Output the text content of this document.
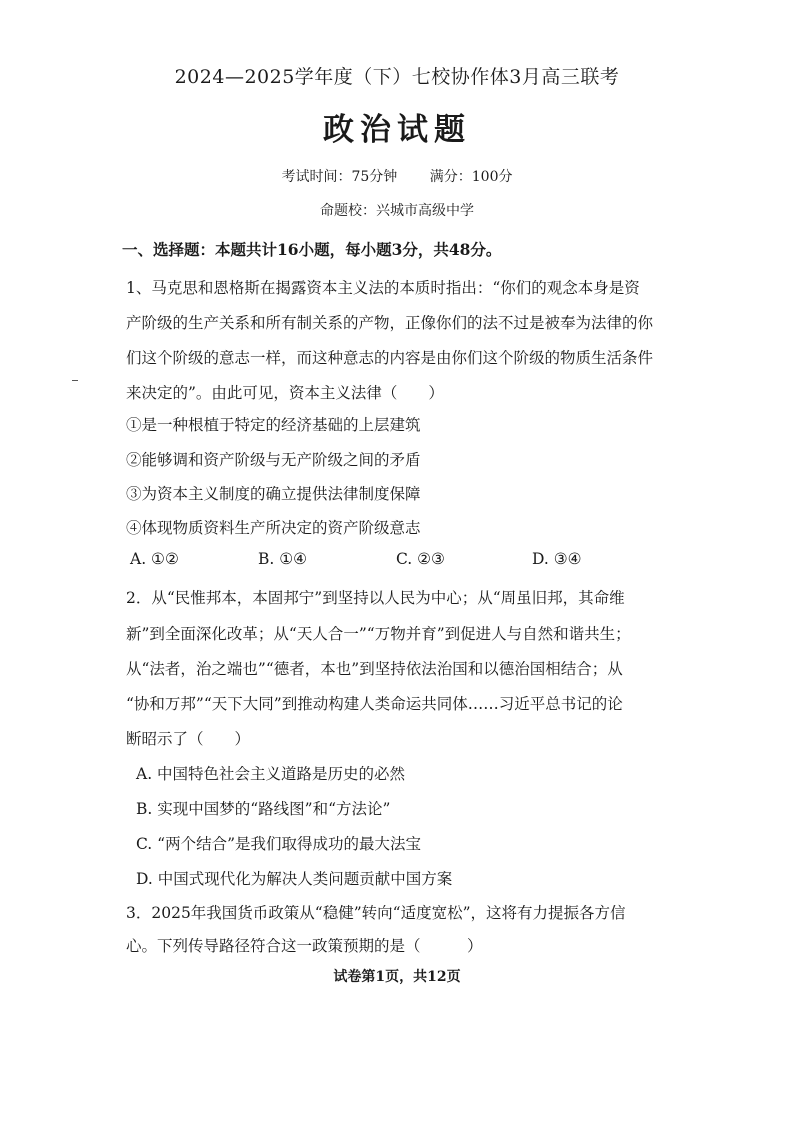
2024—2025学年度（下）七校协作体3月高三联考
政治试题
考试时间：75分钟 满分：100分
命题校：兴城市高级中学
一、选择题：本题共计16小题，每小题3分，共48分。
1、马克思和恩格斯在揭露资本主义法的本质时指出：“你们的观念本身是资
产阶级的生产关系和所有制关系的产物，正像你们的法不过是被奉为法律的你
们这个阶级的意志一样，而这种意志的内容是由你们这个阶级的物质生活条件
来决定的”。由此可见，资本主义法律（　　）
①是一种根植于特定的经济基础的上层建筑
②能够调和资产阶级与无产阶级之间的矛盾
③为资本主义制度的确立提供法律制度保障
④体现物质资料生产所决定的资产阶级意志
A. ①②	B. ①④	C. ②③	D. ③④
2．从“民惟邦本，本固邦宁”到坚持以人民为中心；从“周虽旧邦，其命维
新”到全面深化改革；从“天人合一”“万物并育”到促进人与自然和谐共生；
从“法者，治之端也”“德者，本也”到坚持依法治国和以德治国相结合；从
“协和万邦”“天下大同”到推动构建人类命运共同体……习近平总书记的论
断昭示了（　　）
A. 中国特色社会主义道路是历史的必然
B. 实现中国梦的“路线图”和“方法论”
C. “两个结合”是我们取得成功的最大法宝
D. 中国式现代化为解决人类问题贡献中国方案
3．2025年我国货币政策从“稳健”转向“适度宽松”，这将有力提振各方信
心。下列传导路径符合这一政策预期的是（　　　）
试卷第1页，共12页
